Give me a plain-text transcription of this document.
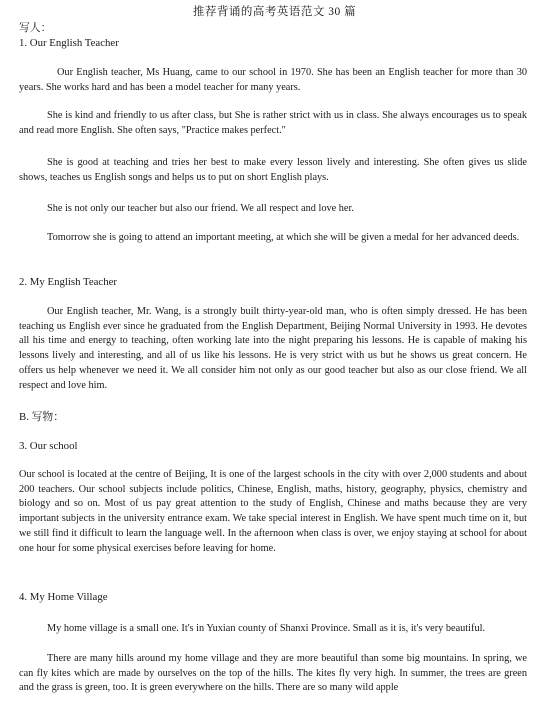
推荐背诵的高考英语范文 30 篇
写人：
1. Our English Teacher
Our English teacher, Ms Huang, came to our school in 1970. She has been an English teacher for more than 30 years. She works hard and has been a model teacher for many years.
She is kind and friendly to us after class, but She is rather strict with us in class. She always encourages us to speak and read more English. She often says, "Practice makes perfect."
She is good at teaching and tries her best to make every lesson lively and interesting. She often gives us slide shows, teaches us English songs and helps us to put on short English plays.
She is not only our teacher but also our friend. We all respect and love her.
Tomorrow she is going to attend an important meeting, at which she will be given a medal for her advanced deeds.
2. My English Teacher
Our English teacher, Mr. Wang, is a strongly built thirty-year-old man, who is often simply dressed. He has been teaching us English ever since he graduated from the English Department, Beijing Normal University in 1993. He devotes all his time and energy to teaching, often working late into the night preparing his lessons. He is capable of making his lessons lively and interesting, and all of us like his lessons. He is very strict with us but he shows us great concern. He offers us help whenever we need it. We all consider him not only as our good teacher but also as our close friend. We all respect and love him.
B. 写物：
3. Our school
Our school is located at the centre of Beijing, It is one of the largest schools in the city with over 2,000 students and about 200 teachers. Our school subjects include politics, Chinese, English, maths, history, geography, physics, chemistry and biology and so on. Most of us pay great attention to the study of English, Chinese and maths because they are very important subjects in the university entrance exam. We take special interest in English. We have spent much time on it, but we still find it difficult to learn the language well. In the afternoon when class is over, we enjoy staying at school for about one hour for some physical exercises before leaving for home.
4. My Home Village
My home village is a small one. It's in Yuxian county of Shanxi Province. Small as it is, it's very beautiful.
There are many hills around my home village and they are more beautiful than some big mountains. In spring, we can fly kites which are made by ourselves on the top of the hills. The kites fly very high. In summer, the trees are green and the grass is green, too. It is green everywhere on the hills. There are so many wild apple
